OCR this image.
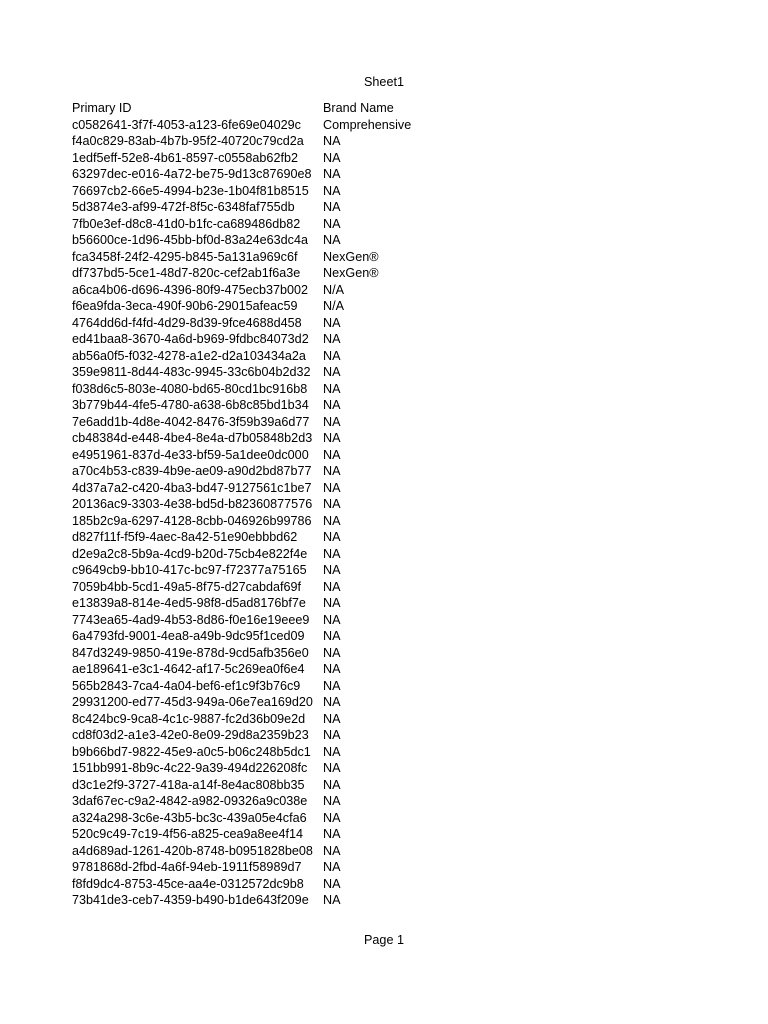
Sheet1
Primary ID	Brand Name
c0582641-3f7f-4053-a123-6fe69e04029c	Comprehensive
f4a0c829-83ab-4b7b-95f2-40720c79cd2a	NA
1edf5eff-52e8-4b61-8597-c0558ab62fb2	NA
63297dec-e016-4a72-be75-9d13c87690e8 NA
76697cb2-66e5-4994-b23e-1b04f81b8515	NA
5d3874e3-af99-472f-8f5c-6348faf755db	NA
7fb0e3ef-d8c8-41d0-b1fc-ca689486db82	NA
b56600ce-1d96-45bb-bf0d-83a24e63dc4a	NA
fca3458f-24f2-4295-b845-5a131a969c6f	NexGen®
df737bd5-5ce1-48d7-820c-cef2ab1f6a3e	NexGen®
a6ca4b06-d696-4396-80f9-475ecb37b002	N/A
f6ea9fda-3eca-490f-90b6-29015afeac59	N/A
4764dd6d-f4fd-4d29-8d39-9fce4688d458	NA
ed41baa8-3670-4a6d-b969-9fdbc84073d2	NA
ab56a0f5-f032-4278-a1e2-d2a103434a2a	NA
359e9811-8d44-483c-9945-33c6b04b2d32 NA
f038d6c5-803e-4080-bd65-80cd1bc916b8	NA
3b779b44-4fe5-4780-a638-6b8c85bd1b34	NA
7e6add1b-4d8e-4042-8476-3f59b39a6d77	NA
cb48384d-e448-4be4-8e4a-d7b05848b2d3 NA
e4951961-837d-4e33-bf59-5a1dee0dc000	NA
a70c4b53-c839-4b9e-ae09-a90d2bd87b77 NA
4d37a7a2-c420-4ba3-bd47-9127561c1be7 NA
20136ac9-3303-4e38-bd5d-b82360877576 NA
185b2c9a-6297-4128-8cbb-046926b99786 NA
d827f11f-f5f9-4aec-8a42-51e90ebbbd62	NA
d2e9a2c8-5b9a-4cd9-b20d-75cb4e822f4e	NA
c9649cb9-bb10-417c-bc97-f72377a75165	NA
7059b4bb-5cd1-49a5-8f75-d27cabdaf69f	NA
e13839a8-814e-4ed5-98f8-d5ad8176bf7e	NA
7743ea65-4ad9-4b53-8d86-f0e16e19eee9	NA
6a4793fd-9001-4ea8-a49b-9dc95f1ced09	NA
847d3249-9850-419e-878d-9cd5afb356e0	NA
ae189641-e3c1-4642-af17-5c269ea0f6e4	NA
565b2843-7ca4-4a04-bef6-ef1c9f3b76c9	NA
29931200-ed77-45d3-949a-06e7ea169d20 NA
8c424bc9-9ca8-4c1c-9887-fc2d36b09e2d	NA
cd8f03d2-a1e3-42e0-8e09-29d8a2359b23	NA
b9b66bd7-9822-45e9-a0c5-b06c248b5dc1 NA
151bb991-8b9c-4c22-9a39-494d226208fc	NA
d3c1e2f9-3727-418a-a14f-8e4ac808bb35	NA
3daf67ec-c9a2-4842-a982-09326a9c038e	NA
a324a298-3c6e-43b5-bc3c-439a05e4cfa6	NA
520c9c49-7c19-4f56-a825-cea9a8ee4f14	NA
a4d689ad-1261-420b-8748-b0951828be08 NA
9781868d-2fbd-4a6f-94eb-1911f58989d7	NA
f8fd9dc4-8753-45ce-aa4e-0312572dc9b8	NA
73b41de3-ceb7-4359-b490-b1de643f209e	NA
Page 1
